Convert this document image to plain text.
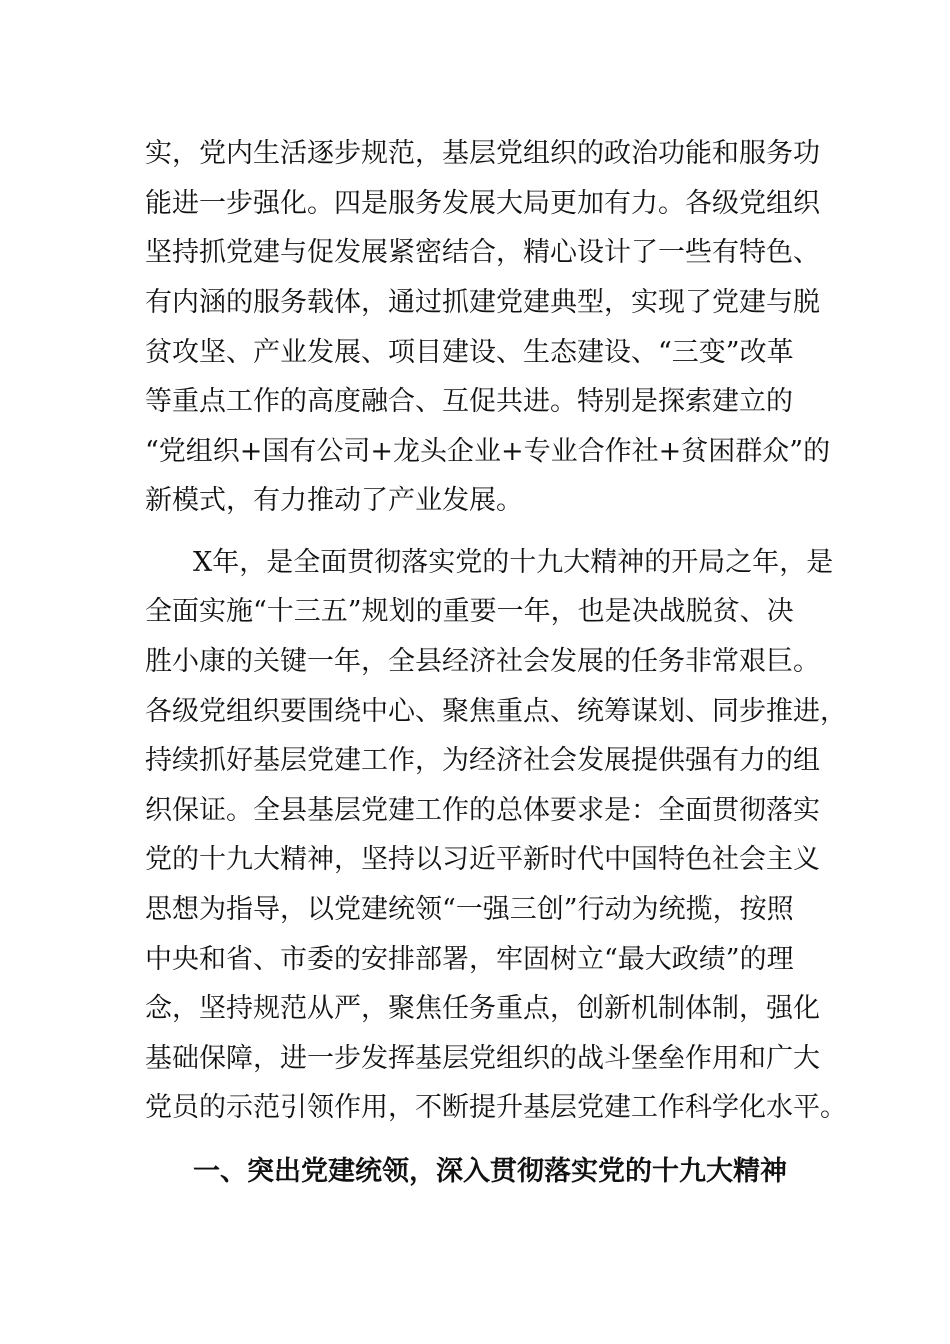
实，党内生活逐步规范，基层党组织的政治功能和服务功
能进一步强化。四是服务发展大局更加有力。各级党组织
坚持抓党建与促发展紧密结合，精心设计了一些有特色、
有内涵的服务载体，通过抓建党建典型，实现了党建与脱
贫攻坚、产业发展、项目建设、生态建设、“三变”改革
等重点工作的高度融合、互促共进。特别是探索建立的
“党组织+国有公司+龙头企业+专业合作社+贫困群众”的
新模式，有力推动了产业发展。
X年，是全面贯彻落实党的十九大精神的开局之年，是
全面实施“十三五”规划的重要一年，也是决战脱贫、决
胜小康的关键一年，全县经济社会发展的任务非常艰巨。
各级党组织要围绕中心、聚焦重点、统筹谋划、同步推进，
持续抓好基层党建工作，为经济社会发展提供强有力的组
织保证。全县基层党建工作的总体要求是：全面贯彻落实
党的十九大精神，坚持以习近平新时代中国特色社会主义
思想为指导，以党建统领“一强三创”行动为统揽，按照
中央和省、市委的安排部署，牢固树立“最大政绩”的理
念，坚持规范从严，聚焦任务重点，创新机制体制，强化
基础保障，进一步发挥基层党组织的战斗堡垒作用和广大
党员的示范引领作用，不断提升基层党建工作科学化水平。
一、突出党建统领，深入贯彻落实党的十九大精神
